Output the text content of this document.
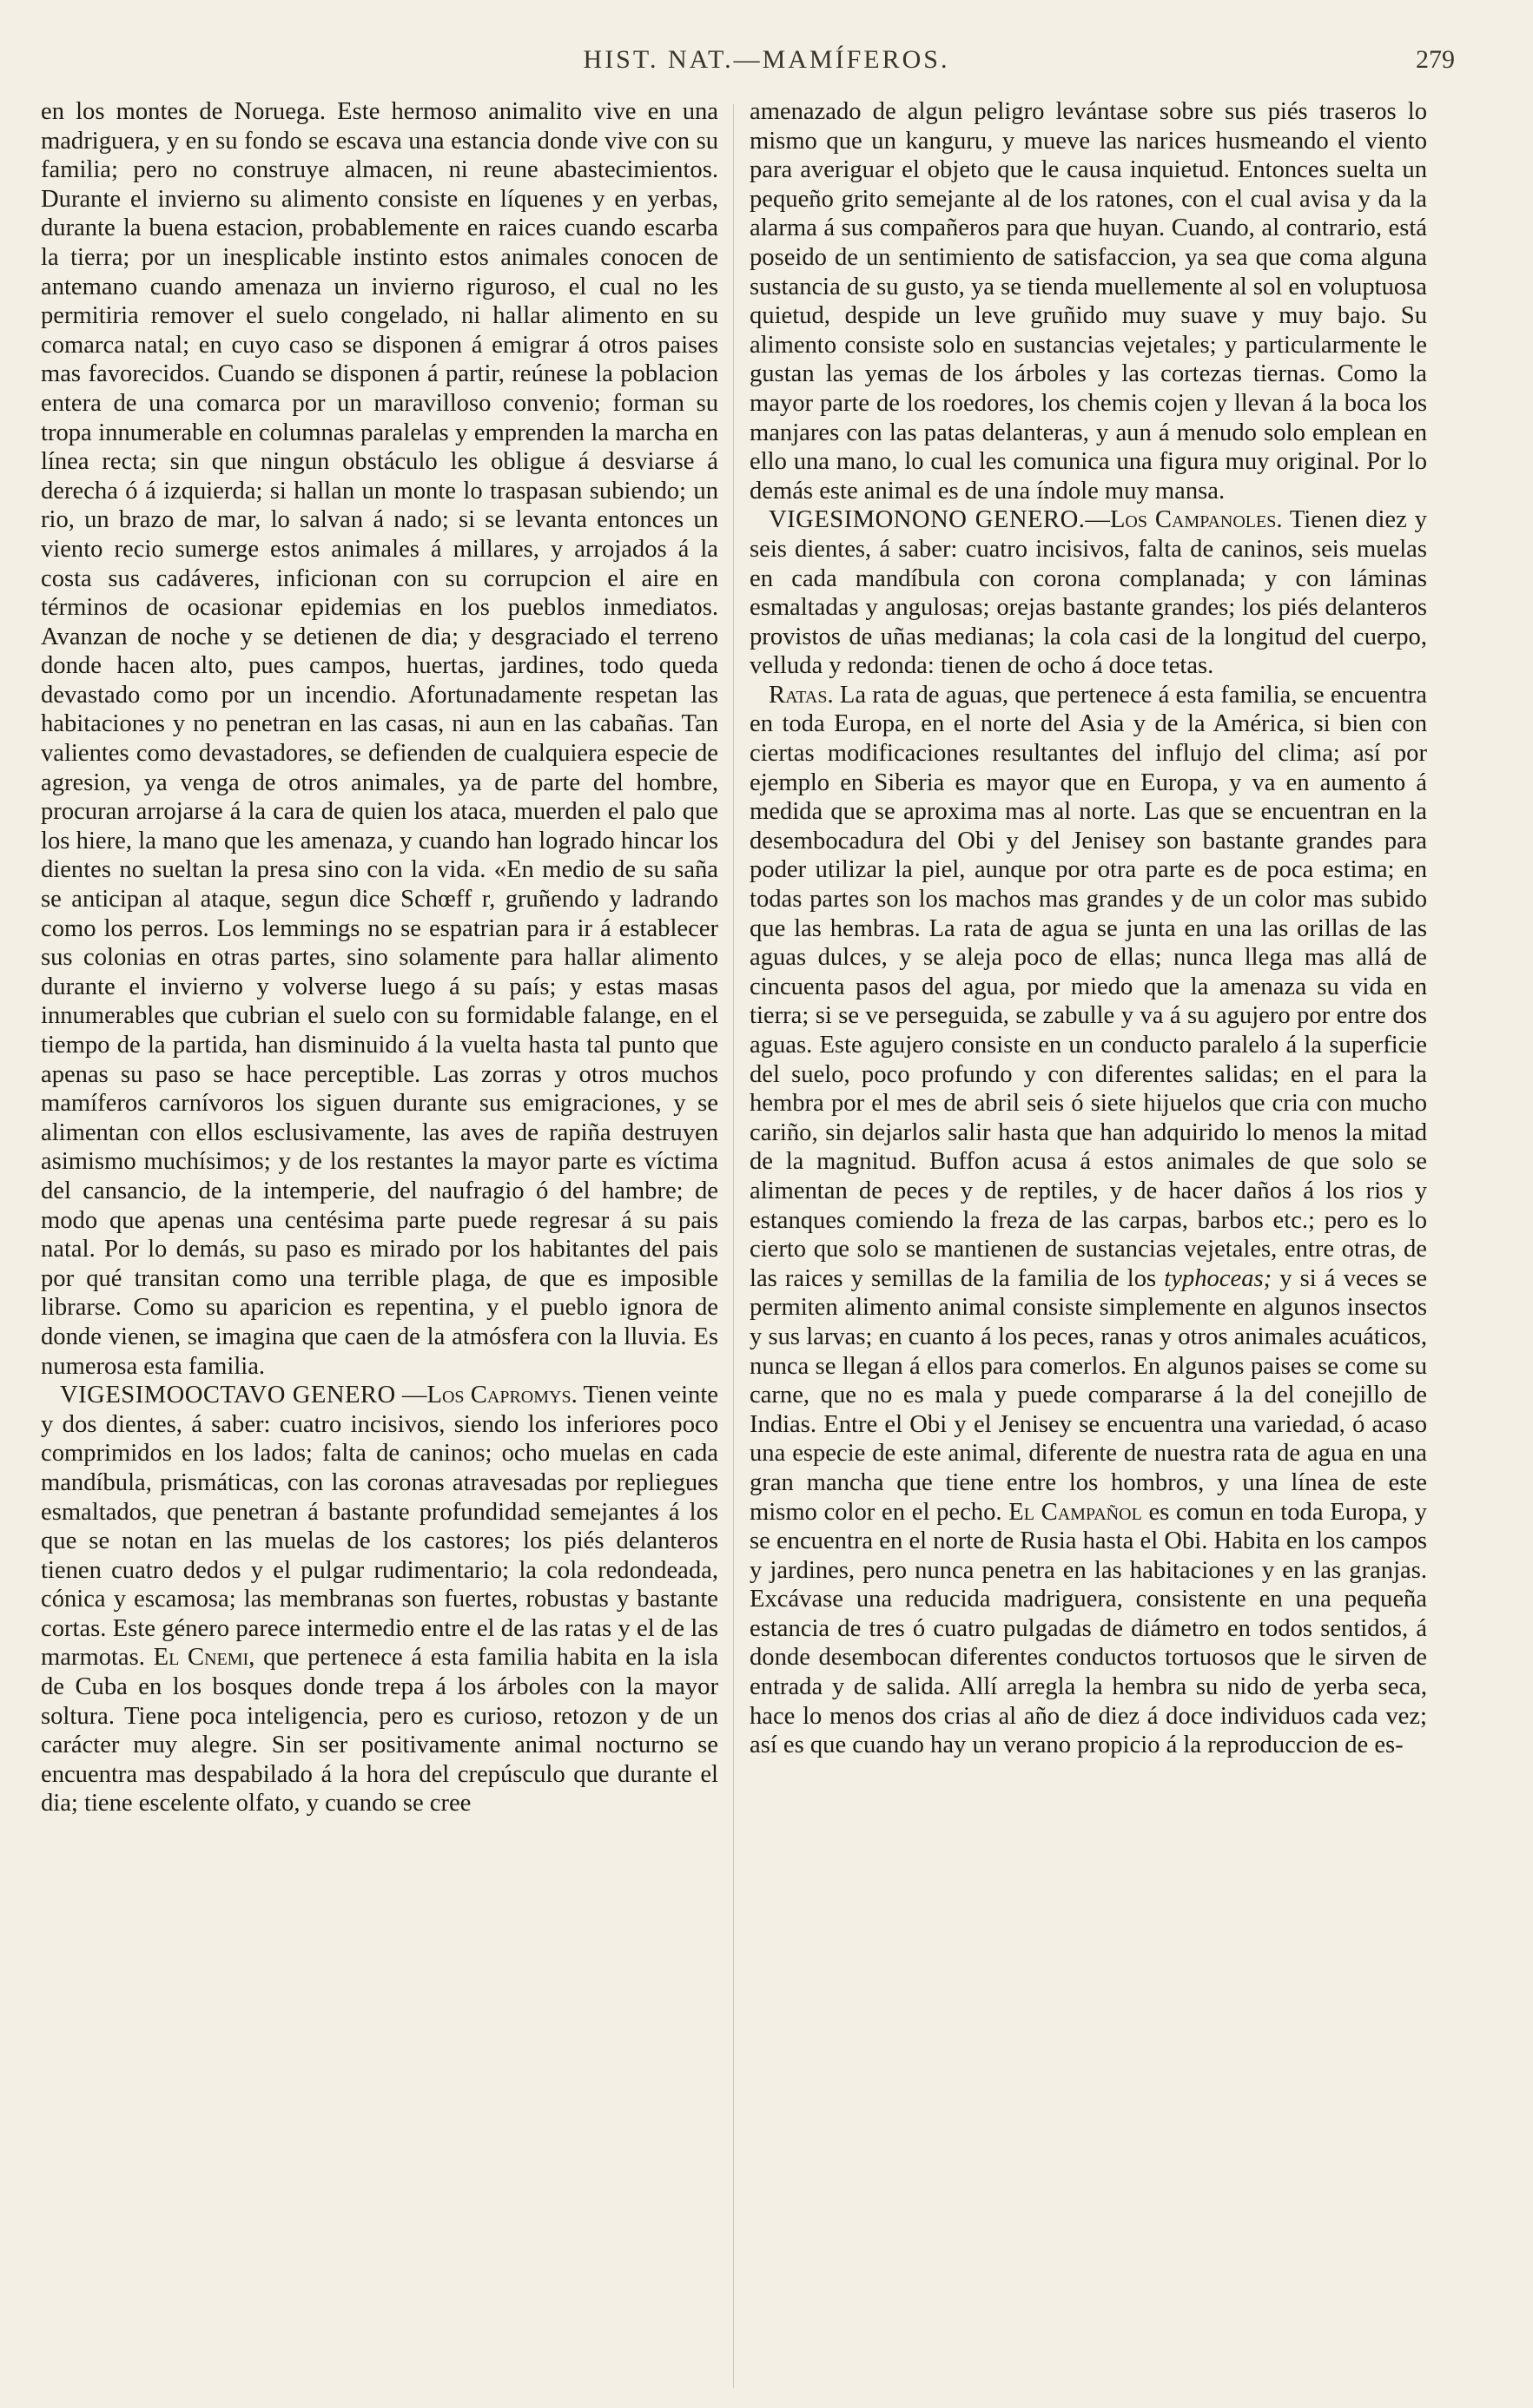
HIST. NAT.—MAMÍFEROS.	279

en los montes de Noruega. Este hermoso animalito vive en una madriguera, y en su fondo se escava una estancia donde vive con su familia; pero no construye almacen, ni reune abastecimientos. Durante el invierno su alimento consiste en líquenes y en yerbas, durante la buena estacion, probablemente en raices cuando escarba la tierra; por un inesplicable instinto estos animales conocen de antemano cuando amenaza un invierno riguroso, el cual no les permitiria remover el suelo congelado, ni hallar alimento en su comarca natal; en cuyo caso se disponen á emigrar á otros paises mas favorecidos. Cuando se disponen á partir, reúnese la poblacion entera de una comarca por un maravilloso convenio; forman su tropa innumerable en columnas paralelas y emprenden la marcha en línea recta; sin que ningun obstáculo les obligue á desviarse á derecha ó á izquierda; si hallan un monte lo traspasan subiendo; un rio, un brazo de mar, lo salvan á nado; si se levanta entonces un viento recio sumerge estos animales á millares, y arrojados á la costa sus cadáveres, inficionan con su corrupcion el aire en términos de ocasionar epidemias en los pueblos inmediatos. Avanzan de noche y se detienen de dia; y desgraciado el terreno donde hacen alto, pues campos, huertas, jardines, todo queda devastado como por un incendio. Afortunadamente respetan las habitaciones y no penetran en las casas, ni aun en las cabañas. Tan valientes como devastadores, se defienden de cualquiera especie de agresion, ya venga de otros animales, ya de parte del hombre, procuran arrojarse á la cara de quien los ataca, muerden el palo que los hiere, la mano que les amenaza, y cuando han logrado hincar los dientes no sueltan la presa sino con la vida. «En medio de su saña se anticipan al ataque, segun dice Schœff r, gruñendo y ladrando como los perros. Los lemmings no se espatrian para ir á establecer sus colonias en otras partes, sino solamente para hallar alimento durante el invierno y volverse luego á su país; y estas masas innumerables que cubrian el suelo con su formidable falange, en el tiempo de la partida, han disminuido á la vuelta hasta tal punto que apenas su paso se hace perceptible. Las zorras y otros muchos mamíferos carnívoros los siguen durante sus emigraciones, y se alimentan con ellos esclusivamente, las aves de rapiña destruyen asimismo muchísimos; y de los restantes la mayor parte es víctima del cansancio, de la intemperie, del naufragio ó del hambre; de modo que apenas una centésima parte puede regresar á su pais natal. Por lo demás, su paso es mirado por los habitantes del pais por qué transitan como una terrible plaga, de que es imposible librarse. Como su aparicion es repentina, y el pueblo ignora de donde vienen, se imagina que caen de la atmósfera con la lluvia. Es numerosa esta familia.

VIGESIMOOCTAVO GENERO —Los Capromys. Tienen veinte y dos dientes, á saber: cuatro incisivos, siendo los inferiores poco comprimidos en los lados; falta de caninos; ocho muelas en cada mandíbula, prismáticas, con las coronas atravesadas por repliegues esmaltados, que penetran á bastante profundidad semejantes á los que se notan en las muelas de los castores; los piés delanteros tienen cuatro dedos y el pulgar rudimentario; la cola redondeada, cónica y escamosa; las membranas son fuertes, robustas y bastante cortas. Este género parece intermedio entre el de las ratas y el de las marmotas. El Cnemi, que pertenece á esta familia habita en la isla de Cuba en los bosques donde trepa á los árboles con la mayor soltura. Tiene poca inteligencia, pero es curioso, retozon y de un carácter muy alegre. Sin ser positivamente animal nocturno se encuentra mas despabilado á la hora del crepúsculo que durante el dia; tiene escelente olfato, y cuando se cree

amenazado de algun peligro levántase sobre sus piés traseros lo mismo que un kanguru, y mueve las narices husmeando el viento para averiguar el objeto que le causa inquietud. Entonces suelta un pequeño grito semejante al de los ratones, con el cual avisa y da la alarma á sus compañeros para que huyan. Cuando, al contrario, está poseido de un sentimiento de satisfaccion, ya sea que coma alguna sustancia de su gusto, ya se tienda muellemente al sol en voluptuosa quietud, despide un leve gruñido muy suave y muy bajo. Su alimento consiste solo en sustancias vejetales; y particularmente le gustan las yemas de los árboles y las cortezas tiernas. Como la mayor parte de los roedores, los chemis cojen y llevan á la boca los manjares con las patas delanteras, y aun á menudo solo emplean en ello una mano, lo cual les comunica una figura muy original. Por lo demás este animal es de una índole muy mansa.

VIGESIMONONO GENERO.—Los Campanoles. Tienen diez y seis dientes, á saber: cuatro incisivos, falta de caninos, seis muelas en cada mandíbula con corona complanada; y con láminas esmaltadas y angulosas; orejas bastante grandes; los piés delanteros provistos de uñas medianas; la cola casi de la longitud del cuerpo, velluda y redonda: tienen de ocho á doce tetas.

Ratas. La rata de aguas, que pertenece á esta familia, se encuentra en toda Europa, en el norte del Asia y de la América, si bien con ciertas modificaciones resultantes del influjo del clima; así por ejemplo en Siberia es mayor que en Europa, y va en aumento á medida que se aproxima mas al norte. Las que se encuentran en la desembocadura del Obi y del Jenisey son bastante grandes para poder utilizar la piel, aunque por otra parte es de poca estima; en todas partes son los machos mas grandes y de un color mas subido que las hembras. La rata de agua se junta en una las orillas de las aguas dulces, y se aleja poco de ellas; nunca llega mas allá de cincuenta pasos del agua, por miedo que la amenaza su vida en tierra; si se ve perseguida, se zabulle y va á su agujero por entre dos aguas. Este agujero consiste en un conducto paralelo á la superficie del suelo, poco profundo y con diferentes salidas; en el para la hembra por el mes de abril seis ó siete hijuelos que cria con mucho cariño, sin dejarlos salir hasta que han adquirido lo menos la mitad de la magnitud. Buffon acusa á estos animales de que solo se alimentan de peces y de reptiles, y de hacer daños á los rios y estanques comiendo la freza de las carpas, barbos etc.; pero es lo cierto que solo se mantienen de sustancias vejetales, entre otras, de las raices y semillas de la familia de los typhoceas; y si á veces se permiten alimento animal consiste simplemente en algunos insectos y sus larvas; en cuanto á los peces, ranas y otros animales acuáticos, nunca se llegan á ellos para comerlos. En algunos paises se come su carne, que no es mala y puede compararse á la del conejillo de Indias. Entre el Obi y el Jenisey se encuentra una variedad, ó acaso una especie de este animal, diferente de nuestra rata de agua en una gran mancha que tiene entre los hombros, y una línea de este mismo color en el pecho. El Campañol es comun en toda Europa, y se encuentra en el norte de Rusia hasta el Obi. Habita en los campos y jardines, pero nunca penetra en las habitaciones y en las granjas. Excávase una reducida madriguera, consistente en una pequeña estancia de tres ó cuatro pulgadas de diámetro en todos sentidos, á donde desembocan diferentes conductos tortuosos que le sirven de entrada y de salida. Allí arregla la hembra su nido de yerba seca, hace lo menos dos crias al año de diez á doce individuos cada vez; así es que cuando hay un verano propicio á la reproduccion de es-
